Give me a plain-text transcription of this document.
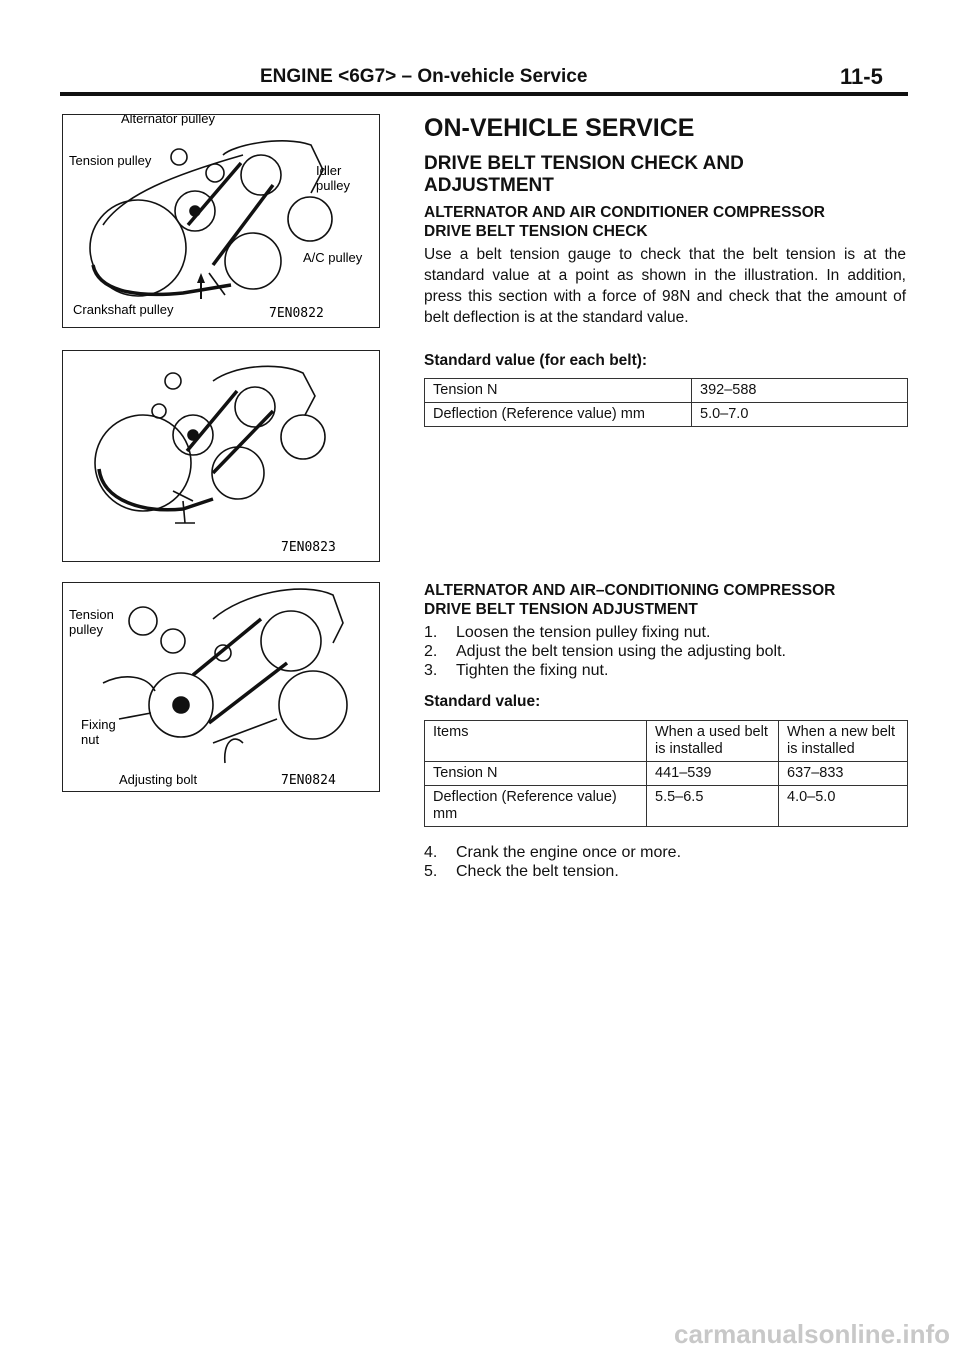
ENGINE <6G7> – On-vehicle Service	11-5
Alternator pulley
Tension pulley
Idler
pulley
A/C pulley
Crankshaft pulley	7EN0822
7EN0823
Tension
pulley
Fixing
nut
Adjusting bolt	7EN0824
ON-VEHICLE SERVICE
DRIVE BELT TENSION CHECK AND
ADJUSTMENT
ALTERNATOR AND AIR CONDITIONER COMPRESSOR
DRIVE BELT TENSION CHECK
Use a belt tension gauge to check that the belt tension is at the standard value at a point as shown in the illustration. In addition, press this section with a force of 98N and check that the amount of belt deflection is at the standard value.
Standard value (for each belt):
Tension N	392–588
Deflection (Reference value) mm	5.0–7.0
ALTERNATOR AND AIR–CONDITIONING COMPRESSOR
DRIVE BELT TENSION ADJUSTMENT
1. Loosen the tension pulley fixing nut.
2. Adjust the belt tension using the adjusting bolt.
3. Tighten the fixing nut.
Standard value:
Items	When a used belt is installed	When a new belt is installed
Tension N	441–539	637–833
Deflection (Reference value) mm	5.5–6.5	4.0–5.0
4. Crank the engine once or more.
5. Check the belt tension.
carmanualsonline.info
